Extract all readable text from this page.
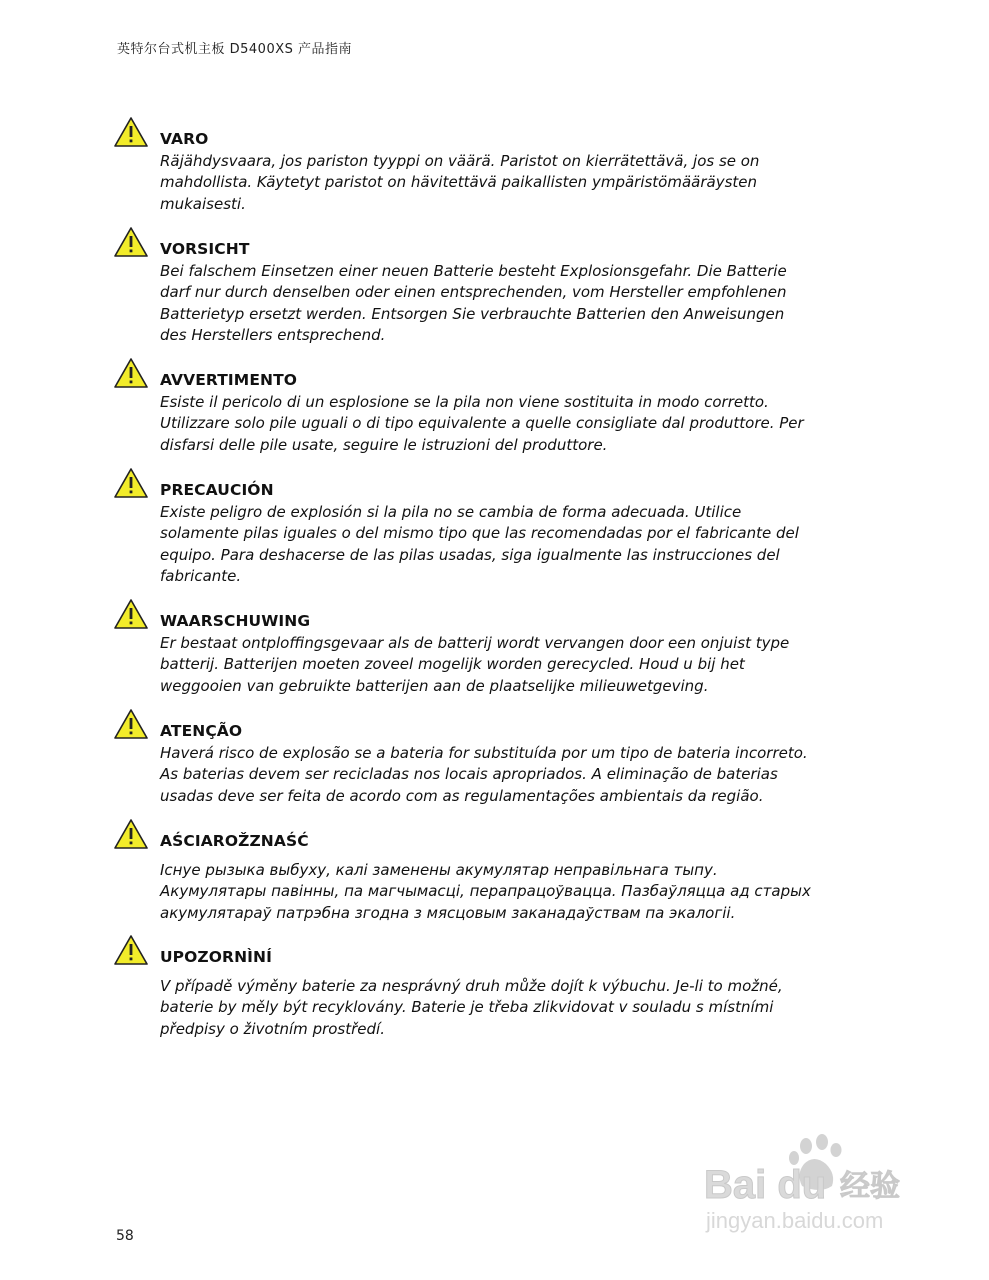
英特尔台式机主板 D5400XS 产品指南
VARO
Räjähdysvaara, jos pariston tyyppi on väärä. Paristot on kierrätettävä, jos se on
mahdollista. Käytetyt paristot on hävitettävä paikallisten ympäristömääräysten
mukaisesti.
VORSICHT
Bei falschem Einsetzen einer neuen Batterie besteht Explosionsgefahr. Die Batterie
darf nur durch denselben oder einen entsprechenden, vom Hersteller empfohlenen
Batterietyp ersetzt werden. Entsorgen Sie verbrauchte Batterien den Anweisungen
des Herstellers entsprechend.
AVVERTIMENTO
Esiste il pericolo di un esplosione se la pila non viene sostituita in modo corretto.
Utilizzare solo pile uguali o di tipo equivalente a quelle consigliate dal produttore. Per
disfarsi delle pile usate, seguire le istruzioni del produttore.
PRECAUCIÓN
Existe peligro de explosión si la pila no se cambia de forma adecuada. Utilice
solamente pilas iguales o del mismo tipo que las recomendadas por el fabricante del
equipo. Para deshacerse de las pilas usadas, siga igualmente las instrucciones del
fabricante.
WAARSCHUWING
Er bestaat ontploffingsgevaar als de batterij wordt vervangen door een onjuist type
batterij. Batterijen moeten zoveel mogelijk worden gerecycled. Houd u bij het
weggooien van gebruikte batterijen aan de plaatselijke milieuwetgeving.
ATENÇÃO
Haverá risco de explosão se a bateria for substituída por um tipo de bateria incorreto.
As baterias devem ser recicladas nos locais apropriados. A eliminação de baterias
usadas deve ser feita de acordo com as regulamentações ambientais da região.
AŚCIAROŽZNAŚĆ
Існуе рызыка выбуху, калі заменены акумулятар неправільнага тыпу.
Акумулятары павінны, па магчымасці, перапрацоўвацца. Пазбаўляцца ад старых
акумулятараў патрэбна згодна з мясцовым заканадаўствам па экалогіі.
UPOZORNÌNÍ
V případě výměny baterie za nesprávný druh může dojít k výbuchu. Je-li to možné,
baterie by měly být recyklovány. Baterie je třeba zlikvidovat v souladu s místními
předpisy o životním prostředí.
58
Bai du 经验
jingyan.baidu.com
